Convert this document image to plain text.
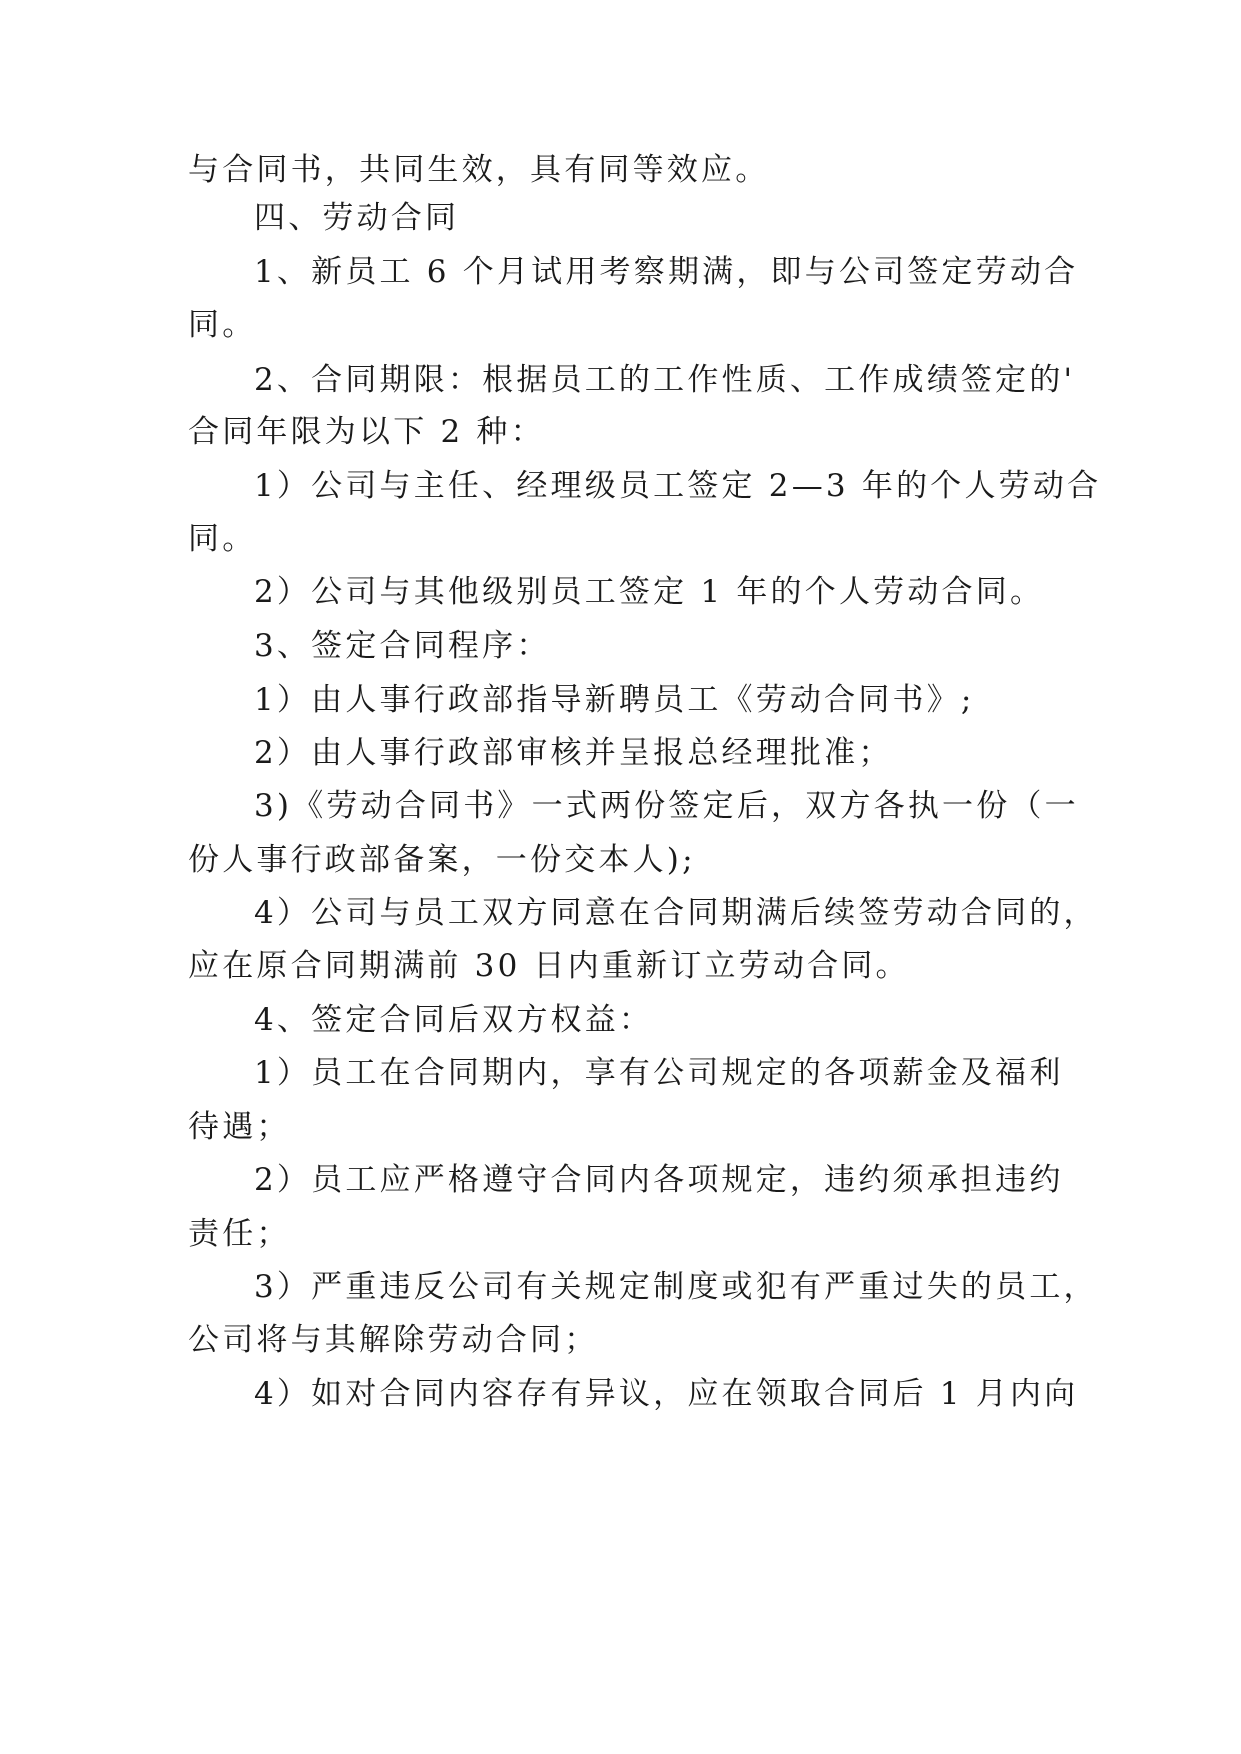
与合同书，共同生效，具有同等效应。
四、劳动合同
1、新员工 6 个月试用考察期满，即与公司签定劳动合
同。
2、合同期限：根据员工的工作性质、工作成绩签定的'
合同年限为以下 2 种：
1）公司与主任、经理级员工签定 2—3 年的个人劳动合
同。
2）公司与其他级别员工签定 1 年的个人劳动合同。
3、签定合同程序：
1）由人事行政部指导新聘员工《劳动合同书》;
2）由人事行政部审核并呈报总经理批准；
3)《劳动合同书》一式两份签定后，双方各执一份（一
份人事行政部备案，一份交本人);
4）公司与员工双方同意在合同期满后续签劳动合同的，
应在原合同期满前 30 日内重新订立劳动合同。
4、签定合同后双方权益：
1）员工在合同期内，享有公司规定的各项薪金及福利
待遇；
2）员工应严格遵守合同内各项规定，违约须承担违约
责任；
3）严重违反公司有关规定制度或犯有严重过失的员工，
公司将与其解除劳动合同；
4）如对合同内容存有异议，应在领取合同后 1 月内向
